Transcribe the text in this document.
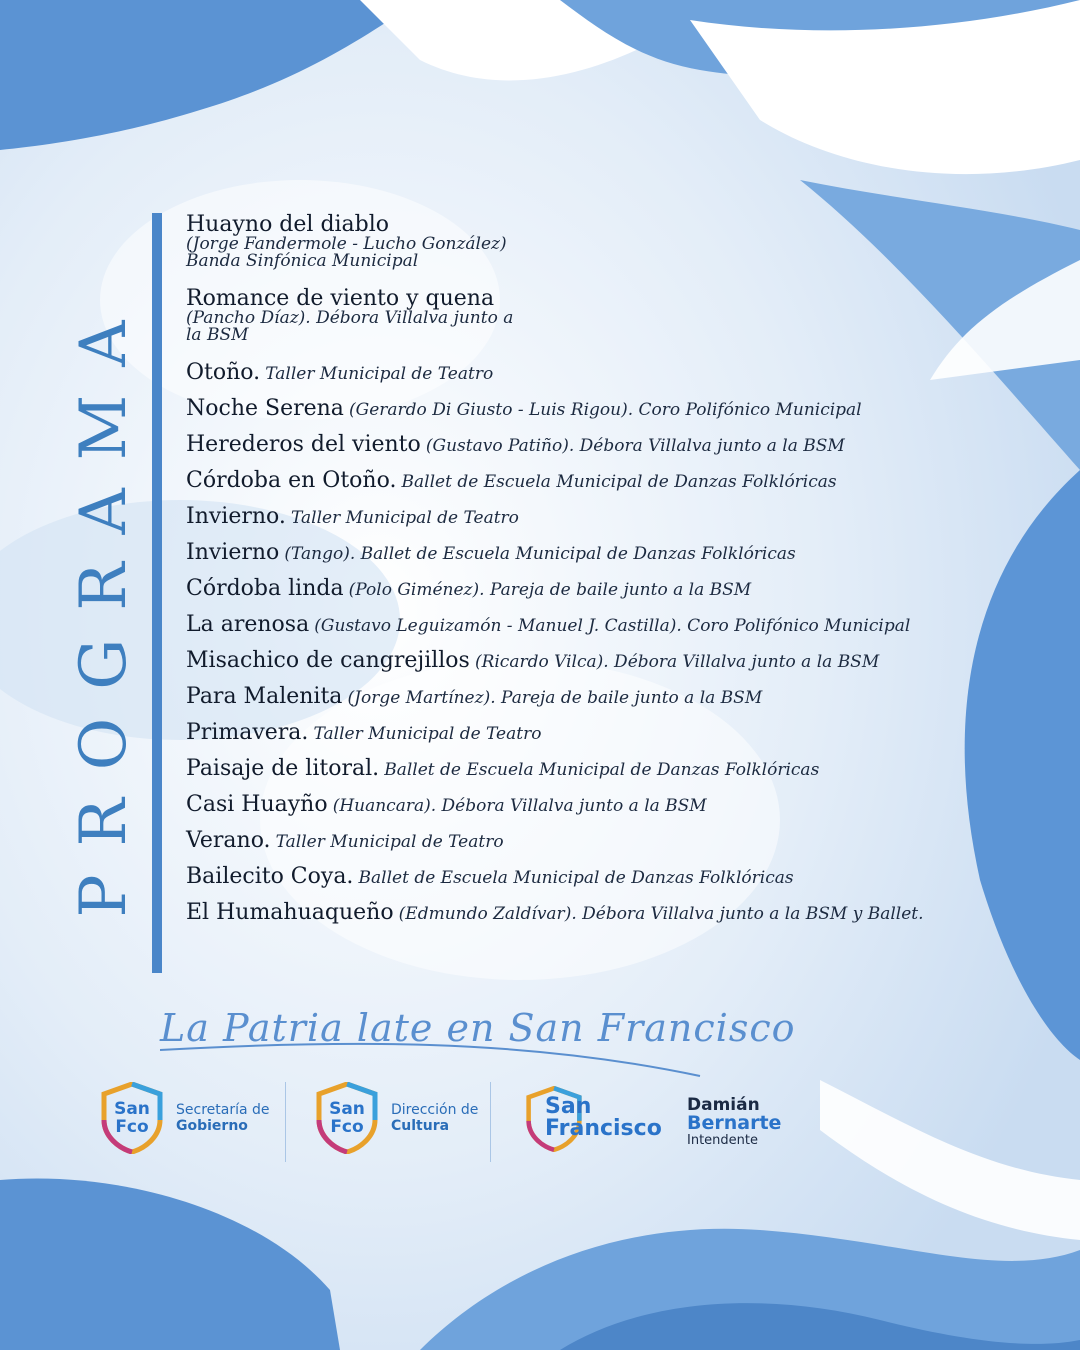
PROGRAMA
Huayno del diablo
(Jorge Fandermole - Lucho González)
Banda Sinfónica Municipal
Romance de viento y quena
(Pancho Díaz). Débora Villalva junto a
la BSM
Otoño. Taller Municipal de Teatro
Noche Serena (Gerardo Di Giusto - Luis Rigou). Coro Polifónico Municipal
Herederos del viento (Gustavo Patiño). Débora Villalva junto a la BSM
Córdoba en Otoño. Ballet de Escuela Municipal de Danzas Folklóricas
Invierno. Taller Municipal de Teatro
Invierno (Tango). Ballet de Escuela Municipal de Danzas Folklóricas
Córdoba linda (Polo Giménez). Pareja de baile junto a la BSM
La arenosa (Gustavo Leguizamón - Manuel J. Castilla). Coro Polifónico Municipal
Misachico de cangrejillos (Ricardo Vilca). Débora Villalva junto a la BSM
Para Malenita (Jorge Martínez). Pareja de baile junto a la BSM
Primavera. Taller Municipal de Teatro
Paisaje de litoral. Ballet de Escuela Municipal de Danzas Folklóricas
Casi Huayño (Huancara). Débora Villalva junto a la BSM
Verano. Taller Municipal de Teatro
Bailecito Coya. Ballet de Escuela Municipal de Danzas Folklóricas
El Humahuaqueño (Edmundo Zaldívar). Débora Villalva junto a la BSM y Ballet.
La Patria late en San Francisco
San
Fco
Secretaría de
Gobierno
San
Fco
Dirección de
Cultura
San
Francisco
Damián
Bernarte
Intendente
